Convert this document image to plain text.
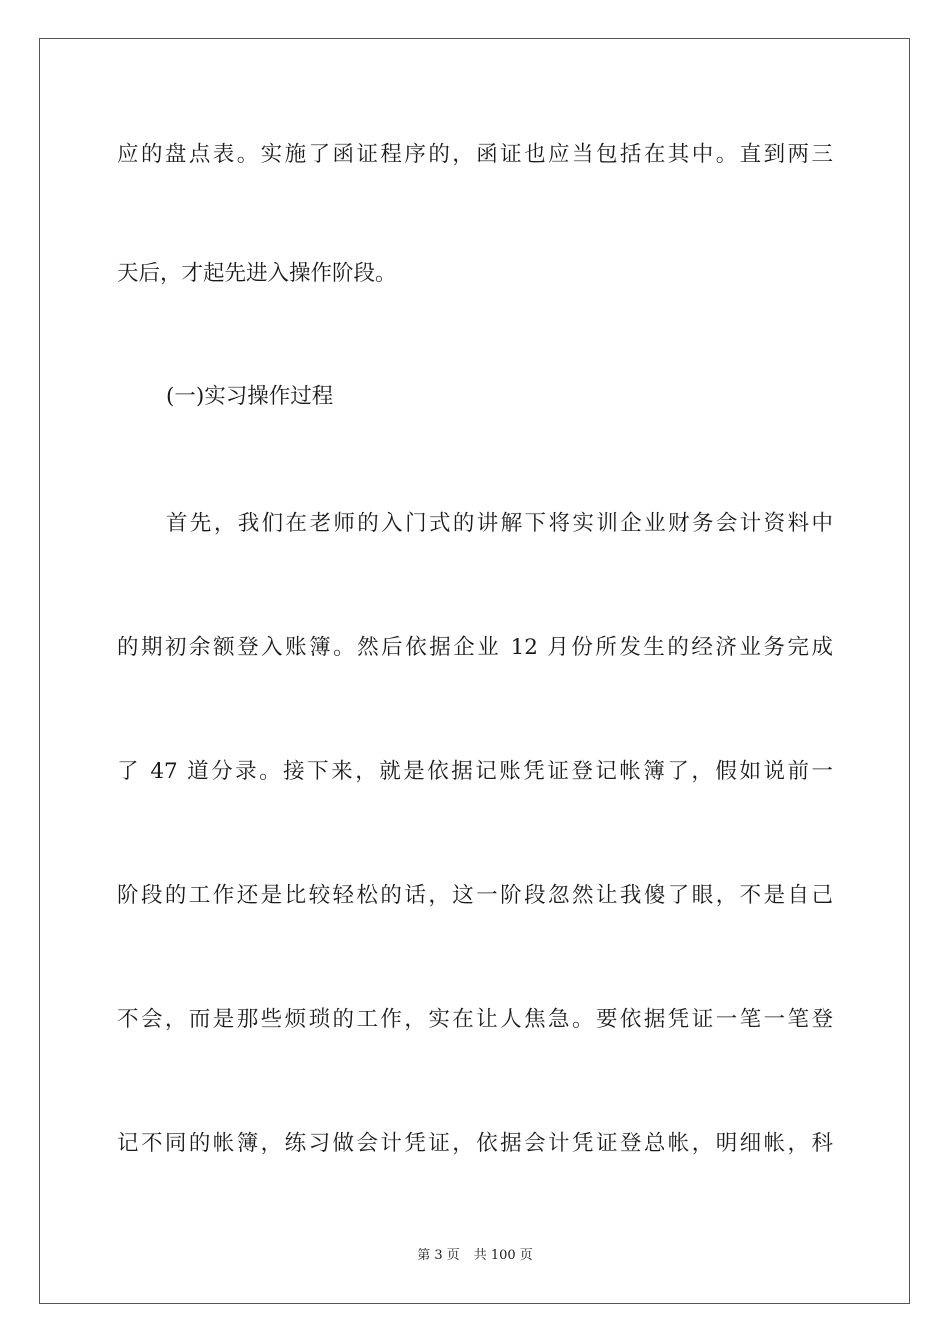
应的盘点表。实施了函证程序的，函证也应当包括在其中。直到两三
天后，才起先进入操作阶段。
(一)实习操作过程
首先，我们在老师的入门式的讲解下将实训企业财务会计资料中
的期初余额登入账簿。然后依据企业 12 月份所发生的经济业务完成
了 47 道分录。接下来，就是依据记账凭证登记帐簿了，假如说前一
阶段的工作还是比较轻松的话，这一阶段忽然让我傻了眼，不是自己
不会，而是那些烦琐的工作，实在让人焦急。要依据凭证一笔一笔登
记不同的帐簿，练习做会计凭证，依据会计凭证登总帐，明细帐，科
第 3 页 共 100 页
